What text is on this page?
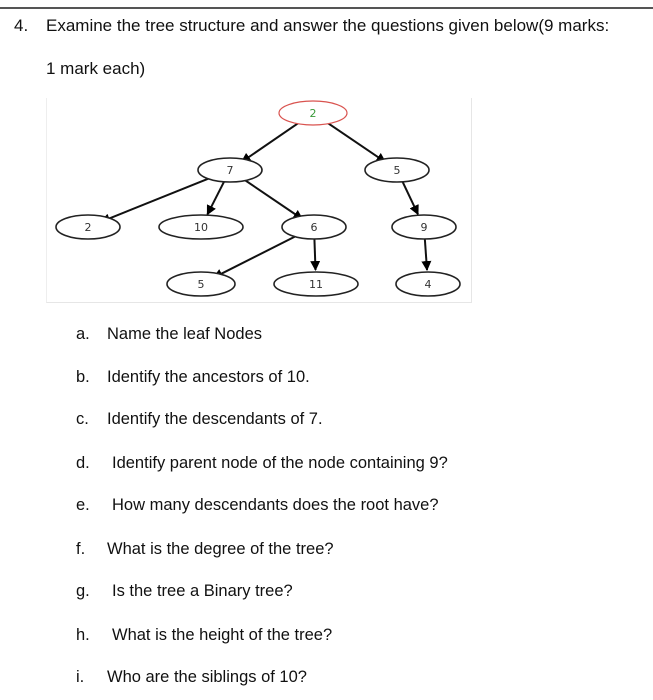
4. Examine the tree structure and answer the questions given below(9 marks:
1 mark each)
2
7	5
2	10	6	9
5	11	4
a. Name the leaf Nodes
b. Identify the ancestors of 10.
c. Identify the descendants of 7.
d. Identify parent node of the node containing 9?
e. How many descendants does the root have?
f. What is the degree of the tree?
g. Is the tree a Binary tree?
h. What is the height of the tree?
i. Who are the siblings of 10?
